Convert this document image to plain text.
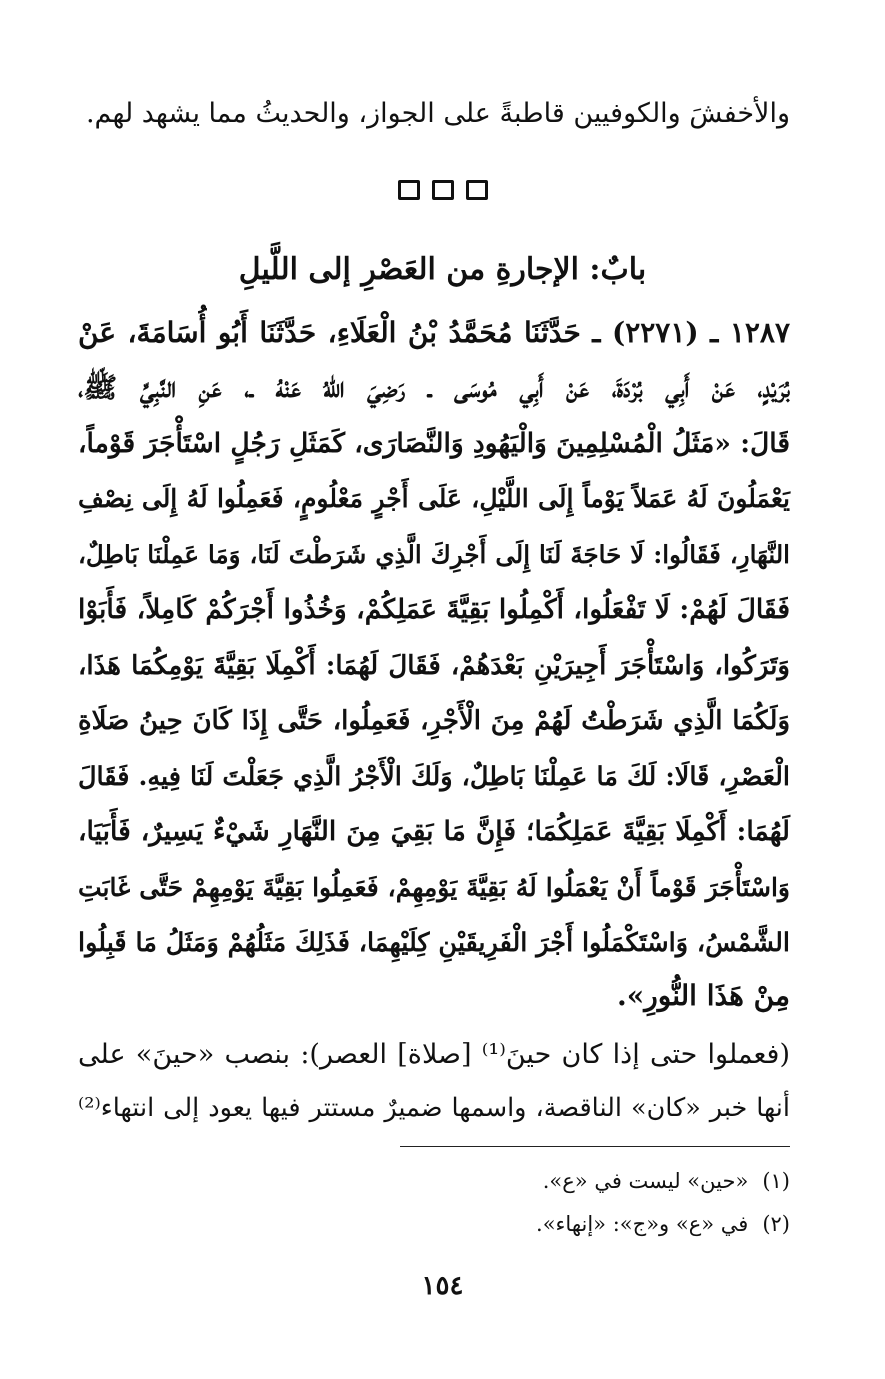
والأخفشَ والكوفيين قاطبةً على الجواز، والحديثُ مما يشهد لهم.
بابٌ: الإجارةِ من العَصْرِ إلى اللَّيلِ
١٢٨٧ ـ (٢٢٧١) ـ حَدَّثَنَا مُحَمَّدُ بْنُ الْعَلَاءِ، حَدَّثَنَا أَبُو أُسَامَةَ، عَنْ
بُرَيْدٍ، عَنْ أَبِي بُرْدَةَ، عَنْ أَبِي مُوسَى ـ رَضِيَ اللهُ عَنْهُ ـ، عَنِ النَّبِيِّ ﷺ،
قَالَ: «مَثَلُ الْمُسْلِمِينَ وَالْيَهُودِ وَالنَّصَارَى، كَمَثَلِ رَجُلٍ اسْتَأْجَرَ قَوْماً،
يَعْمَلُونَ لَهُ عَمَلاً يَوْماً إِلَى اللَّيْلِ، عَلَى أَجْرٍ مَعْلُومٍ، فَعَمِلُوا لَهُ إِلَى نِصْفِ
النَّهَارِ، فَقَالُوا: لَا حَاجَةَ لَنَا إِلَى أَجْرِكَ الَّذِي شَرَطْتَ لَنَا، وَمَا عَمِلْنَا بَاطِلٌ،
فَقَالَ لَهُمْ: لَا تَفْعَلُوا، أَكْمِلُوا بَقِيَّةَ عَمَلِكُمْ، وَخُذُوا أَجْرَكُمْ كَامِلاً، فَأَبَوْا
وَتَرَكُوا، وَاسْتَأْجَرَ أَجِيرَيْنِ بَعْدَهُمْ، فَقَالَ لَهُمَا: أَكْمِلَا بَقِيَّةَ يَوْمِكُمَا هَذَا،
وَلَكُمَا الَّذِي شَرَطْتُ لَهُمْ مِنَ الْأَجْرِ، فَعَمِلُوا، حَتَّى إِذَا كَانَ حِينُ صَلَاةِ
الْعَصْرِ، قَالَا: لَكَ مَا عَمِلْنَا بَاطِلٌ، وَلَكَ الْأَجْرُ الَّذِي جَعَلْتَ لَنَا فِيهِ. فَقَالَ
لَهُمَا: أَكْمِلَا بَقِيَّةَ عَمَلِكُمَا؛ فَإِنَّ مَا بَقِيَ مِنَ النَّهَارِ شَيْءٌ يَسِيرٌ، فَأَبَيَا،
وَاسْتَأْجَرَ قَوْماً أَنْ يَعْمَلُوا لَهُ بَقِيَّةَ يَوْمِهِمْ، فَعَمِلُوا بَقِيَّةَ يَوْمِهِمْ حَتَّى غَابَتِ
الشَّمْسُ، وَاسْتَكْمَلُوا أَجْرَ الْفَرِيقَيْنِ كِلَيْهِمَا، فَذَلِكَ مَثَلُهُمْ وَمَثَلُ مَا قَبِلُوا
مِنْ هَذَا النُّورِ».
(فعملوا حتى إذا كان حينَ⁽¹⁾ [صلاة] العصر): بنصب «حينَ» على
أنها خبر «كان» الناقصة، واسمها ضميرٌ مستتر فيها يعود إلى انتهاء⁽²⁾
(١)«حين» ليست في «ع».
(٢)في «ع» و«ج»: «إنهاء».
١٥٤
